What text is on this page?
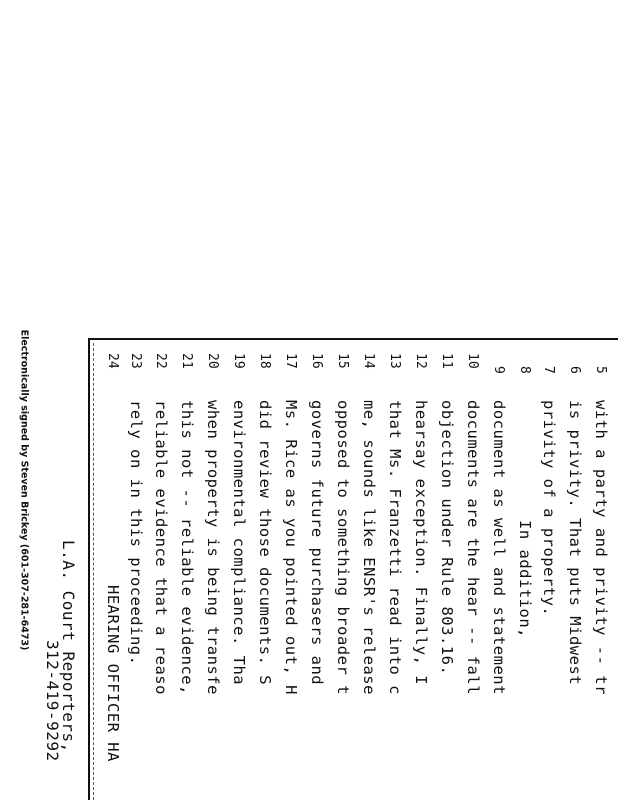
Electronically signed by Steven Brickey (601-307-281-6473)	5
with a party and privity -- tr
6
is privity. That puts Midwest
7
privity of a property.
8
In addition,
9
document as well and statement
10
documents are the hear -- fall
11
objection under Rule 803.16.
12
hearsay exception. Finally, I
13
that Ms. Franzetti read into c
14
me, sounds like ENSR's release
15
opposed to something broader t
16
governs future purchasers and
17
Ms. Rice as you pointed out, H
18
did review those documents. S
19
environmental compliance. Tha
20
when property is being transfe
21
this not -- reliable evidence,
22
reliable evidence that a reaso
23
rely on in this proceeding.
24
HEARING OFFICER HA
L.A. Court Reporters,
312-419-9292
